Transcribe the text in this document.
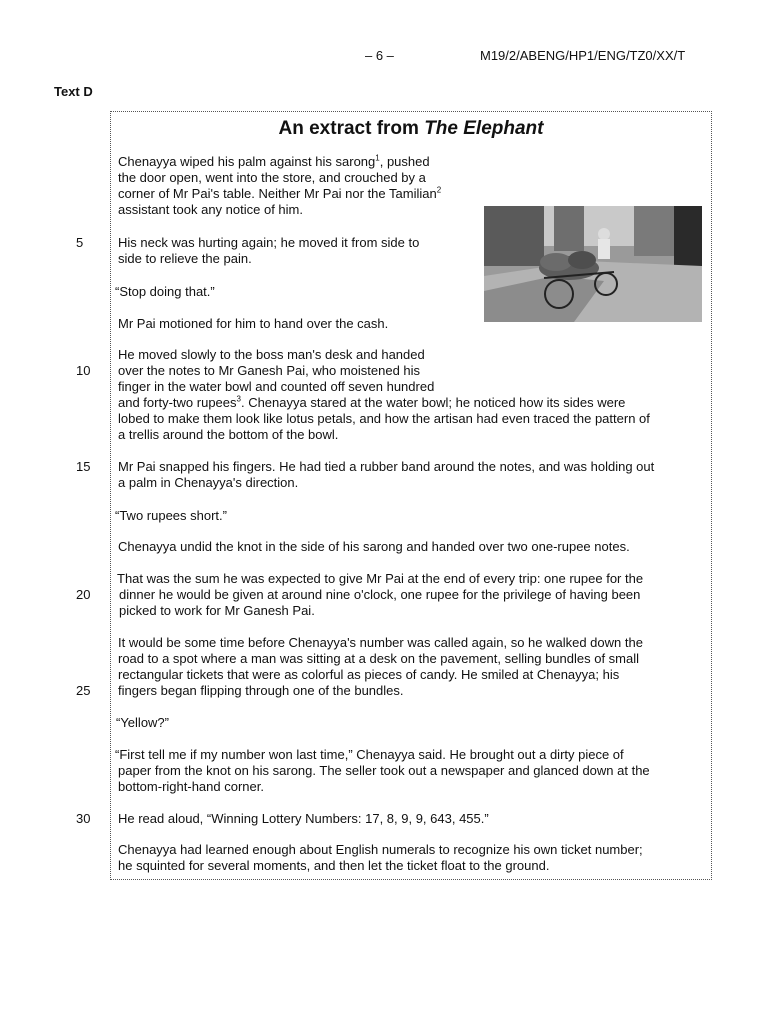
– 6 –	M19/2/ABENG/HP1/ENG/TZ0/XX/T
Text D
An extract from The Elephant
Chenayya wiped his palm against his sarong$^1$, pushed
the door open, went into the store, and crouched by a
corner of Mr Pai's table. Neither Mr Pai nor the Tamilian$^2$
assistant took any notice of him.
5	His neck was hurting again; he moved it from side to
side to relieve the pain.
“Stop doing that.”
Mr Pai motioned for him to hand over the cash.
10
He moved slowly to the boss man's desk and handed
over the notes to Mr Ganesh Pai, who moistened his
finger in the water bowl and counted off seven hundred
and forty-two rupees$^3$. Chenayya stared at the water bowl; he noticed how its sides were
lobed to make them look like lotus petals, and how the artisan had even traced the pattern of
a trellis around the bottom of the bowl.
15	Mr Pai snapped his fingers. He had tied a rubber band around the notes, and was holding out
a palm in Chenayya's direction.
“Two rupees short.”
Chenayya undid the knot in the side of his sarong and handed over two one-rupee notes.
20
That was the sum he was expected to give Mr Pai at the end of every trip: one rupee for the
dinner he would be given at around nine o'clock, one rupee for the privilege of having been
picked to work for Mr Ganesh Pai.
25
It would be some time before Chenayya's number was called again, so he walked down the
road to a spot where a man was sitting at a desk on the pavement, selling bundles of small
rectangular tickets that were as colorful as pieces of candy. He smiled at Chenayya; his
fingers began flipping through one of the bundles.
“Yellow?”
“First tell me if my number won last time,” Chenayya said. He brought out a dirty piece of
paper from the knot on his sarong. The seller took out a newspaper and glanced down at the
bottom-right-hand corner.
30	He read aloud, “Winning Lottery Numbers: 17, 8, 9, 9, 643, 455.”
Chenayya had learned enough about English numerals to recognize his own ticket number;
he squinted for several moments, and then let the ticket float to the ground.
